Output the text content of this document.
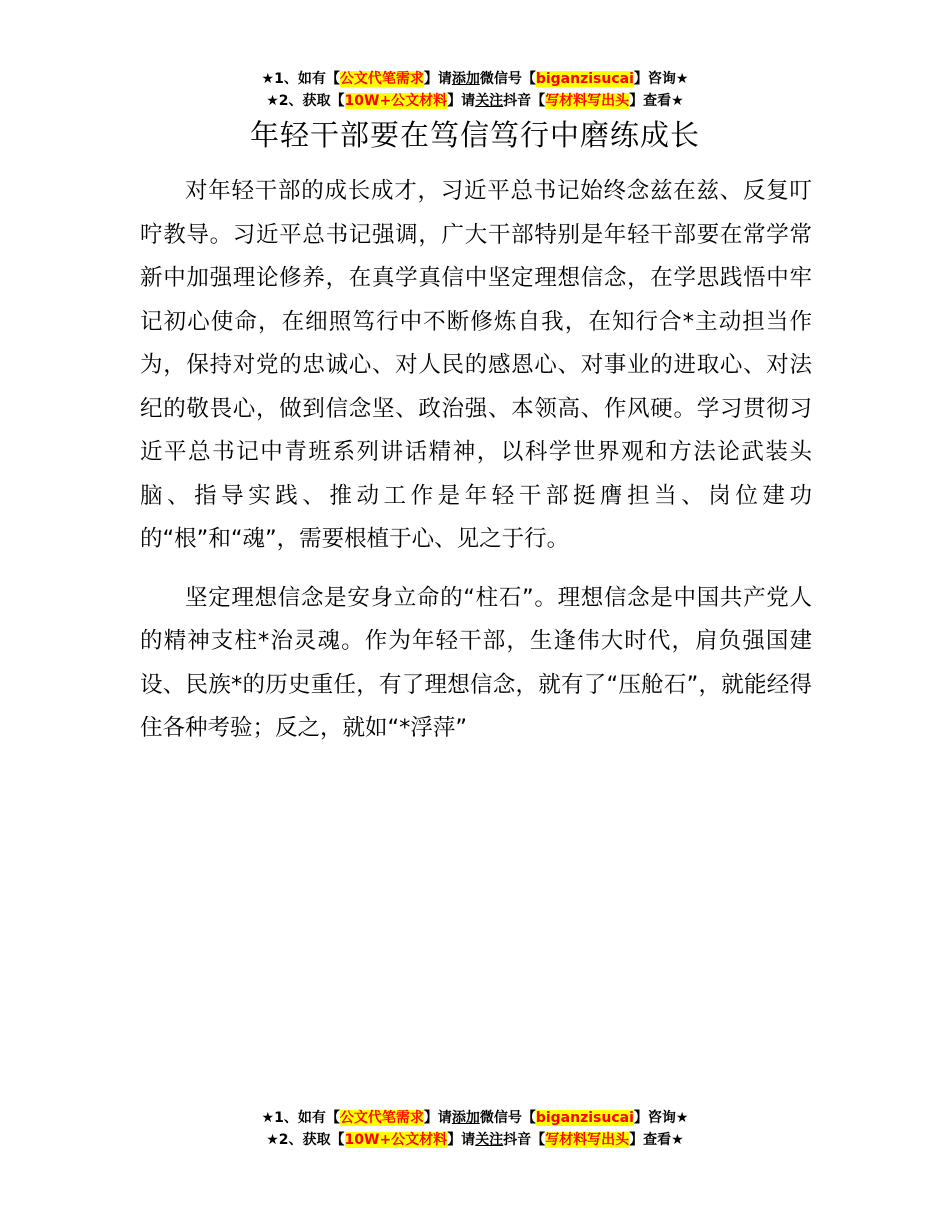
★1、如有【公文代笔需求】请添加微信号【biganzisucai】咨询★
★2、获取【10W+公文材料】请关注抖音【写材料写出头】查看★
年轻干部要在笃信笃行中磨练成长

对年轻干部的成长成才，习近平总书记始终念兹在兹、反复叮咛教导。习近平总书记强调，广大干部特别是年轻干部要在常学常新中加强理论修养，在真学真信中坚定理想信念，在学思践悟中牢记初心使命，在细照笃行中不断修炼自我，在知行合*主动担当作为，保持对党的忠诚心、对人民的感恩心、对事业的进取心、对法纪的敬畏心，做到信念坚、政治强、本领高、作风硬。学习贯彻习近平总书记中青班系列讲话精神，以科学世界观和方法论武装头脑、指导实践、推动工作是年轻干部挺膺担当、岗位建功的“根”和“魂”，需要根植于心、见之于行。

坚定理想信念是安身立命的“柱石”。理想信念是中国共产党人的精神支柱*治灵魂。作为年轻干部，生逢伟大时代，肩负强国建设、民族*的历史重任，有了理想信念，就有了“压舱石”，就能经得住各种考验；反之，就如“*浮萍”

★1、如有【公文代笔需求】请添加微信号【biganzisucai】咨询★
★2、获取【10W+公文材料】请关注抖音【写材料写出头】查看★
